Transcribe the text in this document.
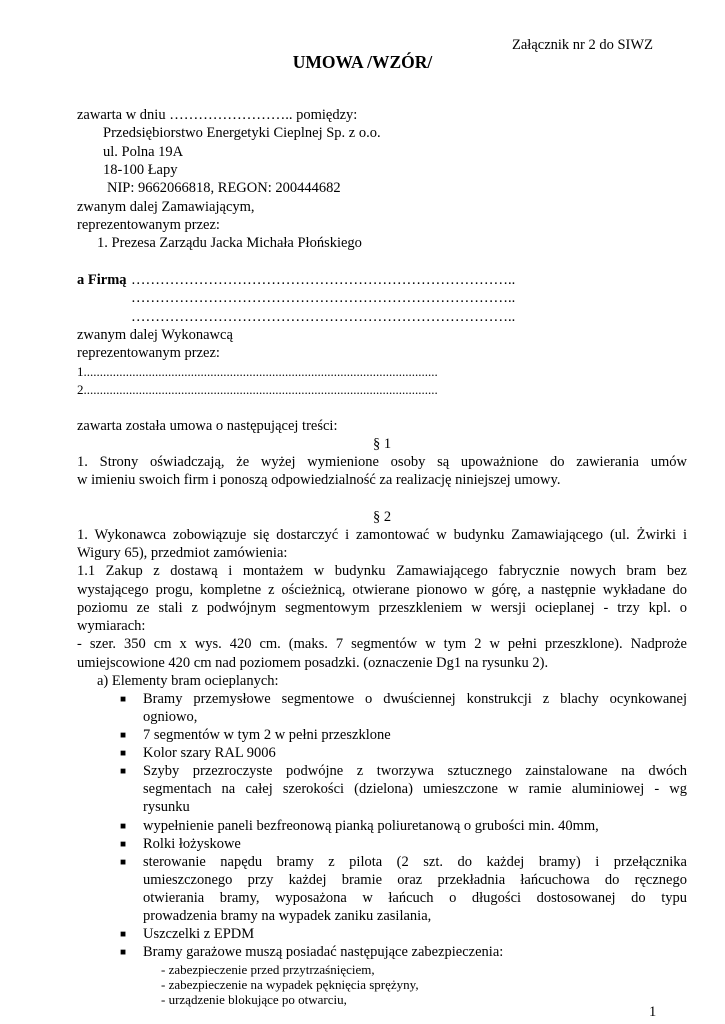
Załącznik nr 2 do SIWZ
UMOWA /WZÓR/
zawarta w dniu …………………….. pomiędzy:
Przedsiębiorstwo Energetyki Cieplnej Sp. z o.o.
ul. Polna 19A
18-100 Łapy
NIP: 9662066818, REGON: 200444682
zwanym dalej Zamawiającym,
reprezentowanym przez:
1. Prezesa Zarządu Jacka Michała Płońskiego
a Firmą ……………………………………………………………………..
……………………………………………………………………..
……………………………………………………………………..
zwanym dalej Wykonawcą
reprezentowanym przez:
1.............................................................................................................
2.............................................................................................................
zawarta została umowa o następującej treści:
§ 1
1. Strony oświadczają, że wyżej wymienione osoby są upoważnione do zawierania umów
w imieniu swoich firm i ponoszą odpowiedzialność za realizację niniejszej umowy.
§ 2
1. Wykonawca zobowiązuje się dostarczyć i zamontować w budynku Zamawiającego (ul. Żwirki i
Wigury 65), przedmiot zamówienia:
1.1 Zakup z dostawą i montażem w budynku Zamawiającego fabrycznie nowych bram bez
wystającego progu, kompletne z ościeżnicą, otwierane pionowo w górę, a następnie wykładane do
poziomu ze stali z podwójnym segmentowym przeszkleniem w wersji ocieplanej - trzy kpl. o
wymiarach:
- szer. 350 cm x wys. 420 cm. (maks. 7 segmentów w tym 2 w pełni przeszklone). Nadproże
umiejscowione 420 cm nad poziomem posadzki. (oznaczenie Dg1 na rysunku 2).
a) Elementy bram ocieplanych:
■ Bramy przemysłowe segmentowe o dwuściennej konstrukcji z blachy ocynkowanej
ogniowo,
■ 7 segmentów w tym 2 w pełni przeszklone
■ Kolor szary RAL 9006
■ Szyby przezroczyste podwójne z tworzywa sztucznego zainstalowane na dwóch
segmentach na całej szerokości (dzielona) umieszczone w ramie aluminiowej - wg
rysunku
■ wypełnienie paneli bezfreonową pianką poliuretanową o grubości min. 40mm,
■ Rolki łożyskowe
■ sterowanie napędu bramy z pilota (2 szt. do każdej bramy) i przełącznika
umieszczonego przy każdej bramie oraz przekładnia łańcuchowa do ręcznego
otwierania bramy, wyposażona w łańcuch o długości dostosowanej do typu
prowadzenia bramy na wypadek zaniku zasilania,
■ Uszczelki z EPDM
■ Bramy garażowe muszą posiadać następujące zabezpieczenia:
- zabezpieczenie przed przytrzaśnięciem,
- zabezpieczenie na wypadek pęknięcia sprężyny,
- urządzenie blokujące po otwarciu,
1
